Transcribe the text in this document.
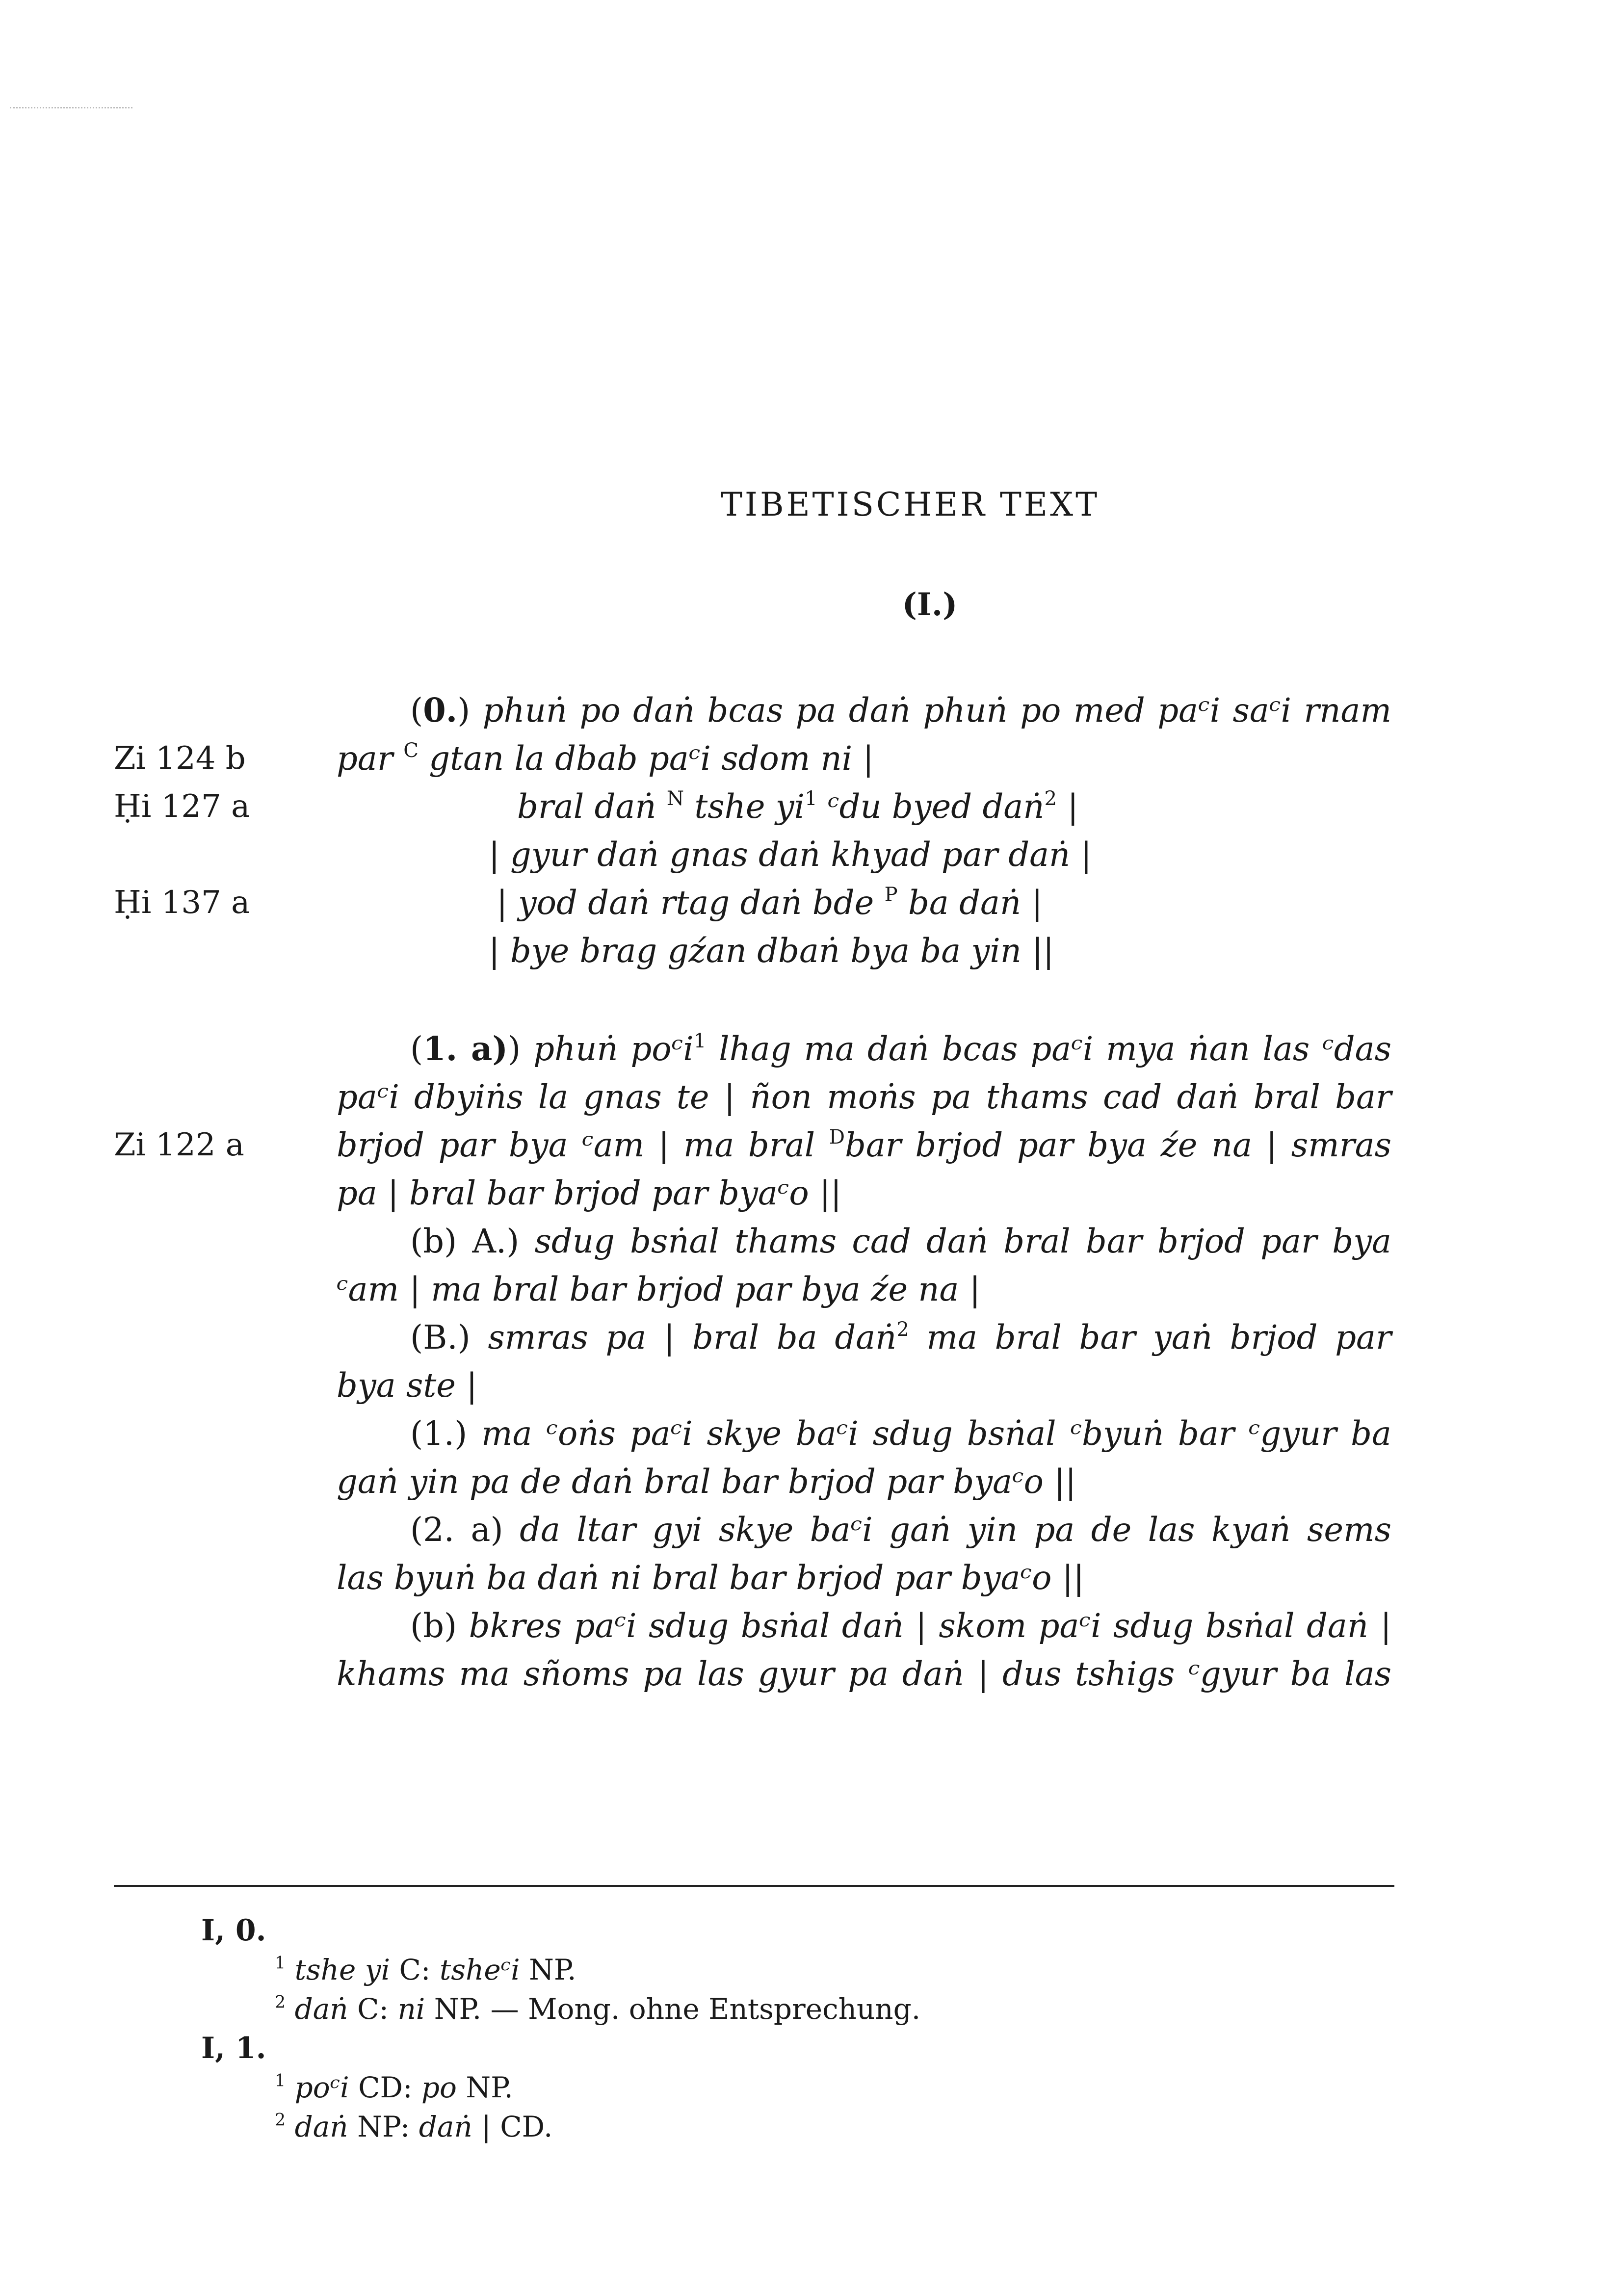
TIBETISCHER TEXT
(I.)
Zi 124 b
Ḥi 127 a
Ḥi 137 a
Zi 122 a
(0.) phuṅ po daṅ bcas pa daṅ phuṅ po med paᶜi saᶜi rnam
par $^C$ gtan la dbab paᶜi sdom ni |
bral daṅ $^N$ tshe $yi^1$ ᶜdu byed daṅ$^2$ |
| gyur daṅ gnas daṅ khyad par daṅ |
| yod daṅ rtag daṅ bde $^P$ ba daṅ |
| bye brag gźan dbaṅ bya ba yin ||
(1. a)) phuṅ poᶜi$^1$ lhag ma daṅ bcas paᶜi mya ṅan las ᶜdas
paᶜi dbyiṅs la gnas te | ñon moṅs pa thams cad daṅ bral bar
brjod par bya ᶜam | ma bral $^D$bar brjod par bya źe na | smras
pa | bral bar brjod par byaᶜo ||
(b) A.) sdug bsṅal thams cad daṅ bral bar brjod par bya
ᶜam | ma bral bar brjod par bya źe na |
(B.) smras pa | bral ba daṅ$^2$ ma bral bar yaṅ brjod par
bya ste |
(1.) ma ᶜoṅs paᶜi skye baᶜi sdug bsṅal ᶜbyuṅ bar ᶜgyur ba
gaṅ yin pa de daṅ bral bar brjod par byaᶜo ||
(2. a) da ltar gyi skye baᶜi gaṅ yin pa de las kyaṅ sems
las byuṅ ba daṅ ni bral bar brjod par byaᶜo ||
(b) bkres paᶜi sdug bsṅal daṅ | skom paᶜi sdug bsṅal daṅ |
khams ma sñoms pa las gyur pa daṅ | dus tshigs ᶜgyur ba las
I, 0.
$^1$ tshe yi C: tsheᶜi NP.
$^2$ daṅ C: ni NP. — Mong. ohne Entsprechung.
I, 1.
$^1$ poᶜi CD: po NP.
$^2$ daṅ NP: daṅ | CD.
